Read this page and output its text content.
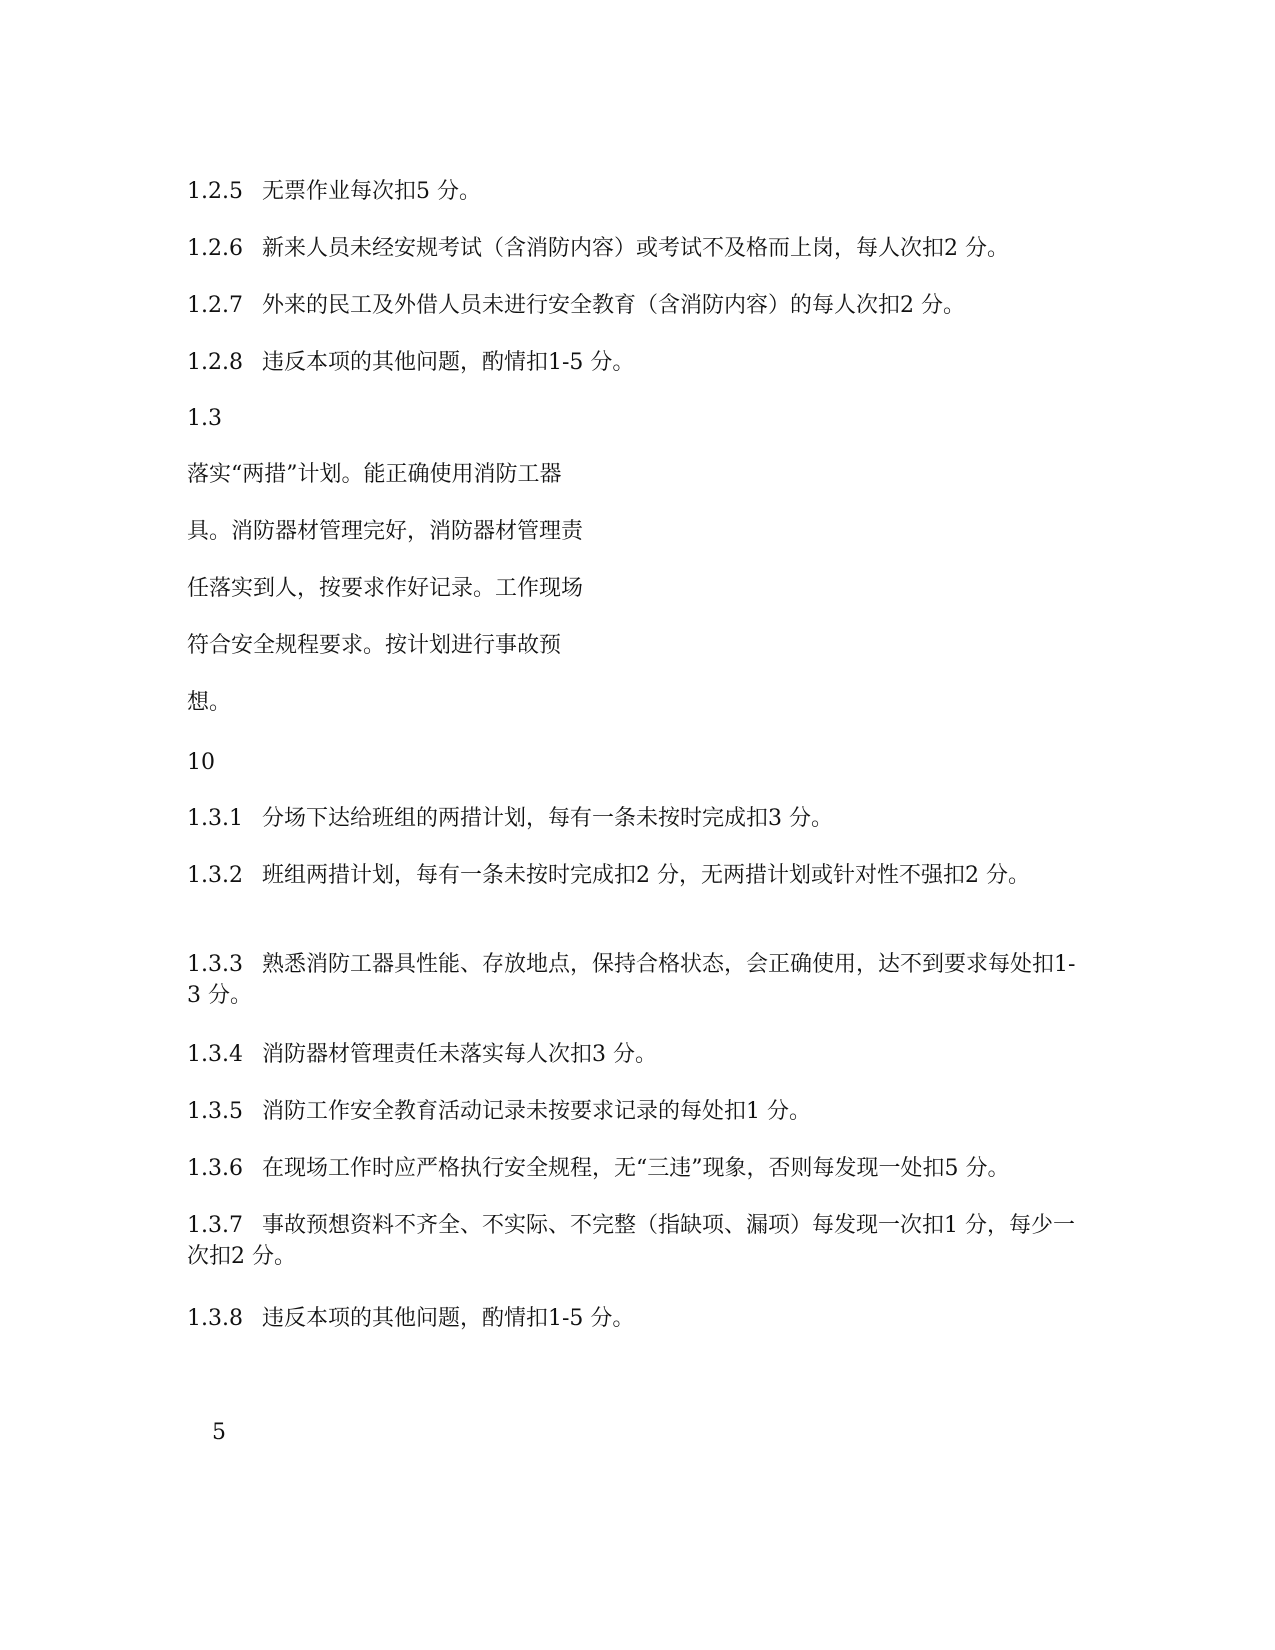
1.2.5 无票作业每次扣5 分。
1.2.6 新来人员未经安规考试（含消防内容）或考试不及格而上岗，每人次扣2 分。
1.2.7 外来的民工及外借人员未进行安全教育（含消防内容）的每人次扣2 分。
1.2.8 违反本项的其他问题，酌情扣1-5 分。
1.3
落实“两措”计划。能正确使用消防工器
具。消防器材管理完好，消防器材管理责
任落实到人，按要求作好记录。工作现场
符合安全规程要求。按计划进行事故预
想。
10
1.3.1 分场下达给班组的两措计划，每有一条未按时完成扣3 分。
1.3.2 班组两措计划，每有一条未按时完成扣2 分，无两措计划或针对性不强扣2 分。
1.3.3 熟悉消防工器具性能、存放地点，保持合格状态，会正确使用，达不到要求每处扣1-3 分。
1.3.4 消防器材管理责任未落实每人次扣3 分。
1.3.5 消防工作安全教育活动记录未按要求记录的每处扣1 分。
1.3.6 在现场工作时应严格执行安全规程，无“三违”现象，否则每发现一处扣5 分。
1.3.7 事故预想资料不齐全、不实际、不完整（指缺项、漏项）每发现一次扣1 分，每少一次扣2 分。
1.3.8 违反本项的其他问题，酌情扣1-5 分。
5
